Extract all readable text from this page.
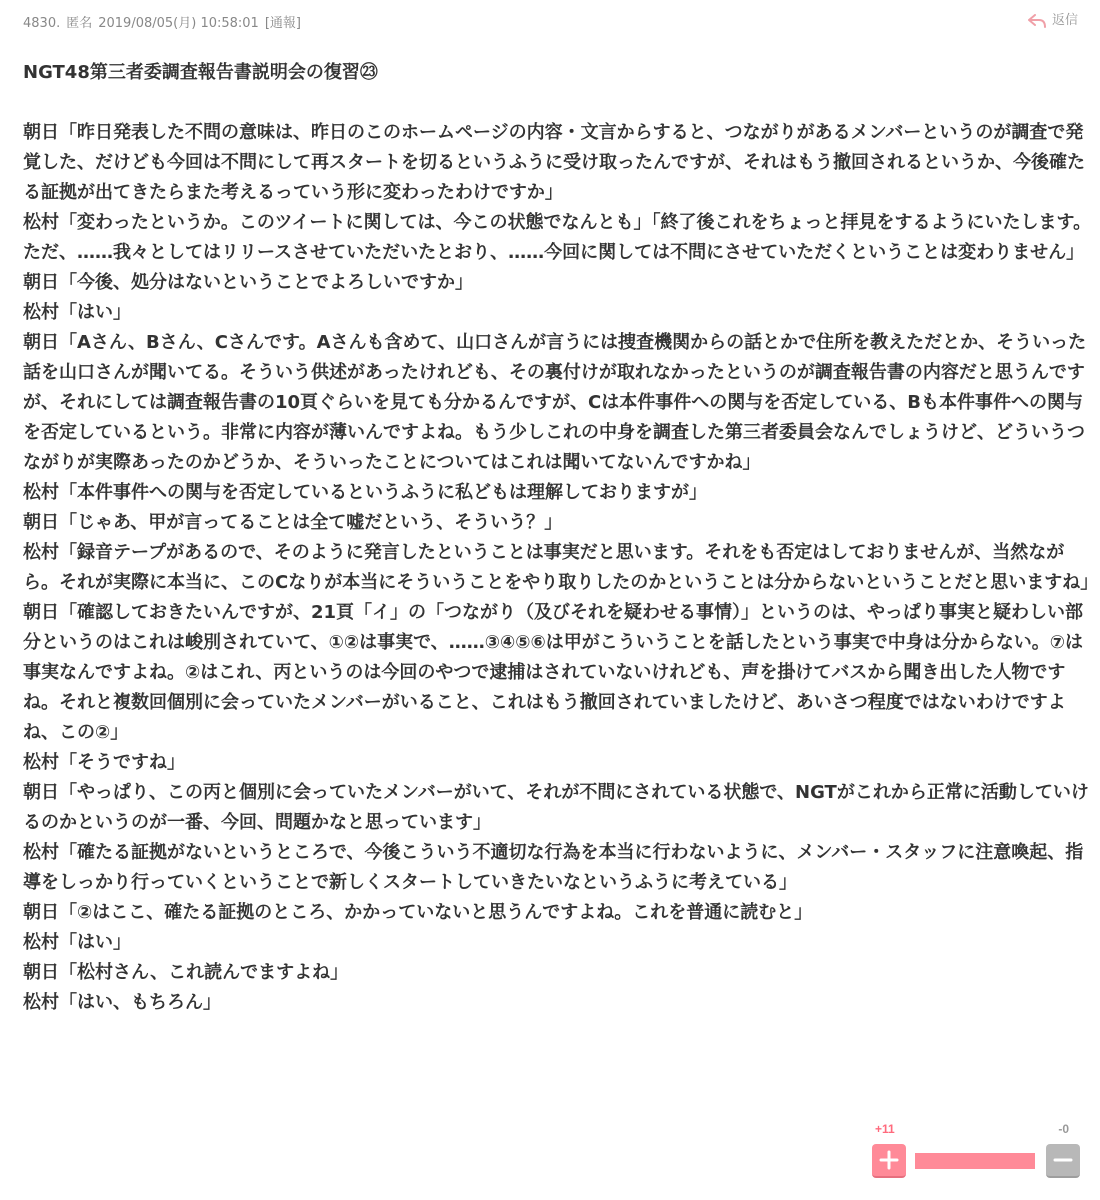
4830. 匿名 2019/08/05(月) 10:58:01 [通報]	返信

NGT48第三者委調査報告書説明会の復習㉓

朝日「昨日発表した不問の意味は、昨日のこのホームページの内容・文言からすると、つながりがあるメンバーというのが調査で発覚した、だけども今回は不問にして再スタートを切るというふうに受け取ったんですが、それはもう撤回されるというか、今後確たる証拠が出てきたらまた考えるっていう形に変わったわけですか」

松村「変わったというか。このツイートに関しては、今この状態でなんとも」「終了後これをちょっと拝見をするようにいたします。ただ、……我々としてはリリースさせていただいたとおり、……今回に関しては不問にさせていただくということは変わりません」

朝日「今後、処分はないということでよろしいですか」

松村「はい」

朝日「Aさん、Bさん、Cさんです。Aさんも含めて、山口さんが言うには捜査機関からの話とかで住所を教えただとか、そういった話を山口さんが聞いてる。そういう供述があったけれども、その裏付けが取れなかったというのが調査報告書の内容だと思うんですが、それにしては調査報告書の10頁ぐらいを見ても分かるんですが、Cは本件事件への関与を否定している、Bも本件事件への関与を否定しているという。非常に内容が薄いんですよね。もう少しこれの中身を調査した第三者委員会なんでしょうけど、どういうつながりが実際あったのかどうか、そういったことについてはこれは聞いてないんですかね」

松村「本件事件への関与を否定しているというふうに私どもは理解しておりますが」

朝日「じゃあ、甲が言ってることは全て嘘だという、そういう？」

松村「録音テープがあるので、そのように発言したということは事実だと思います。それをも否定はしておりませんが、当然ながら。それが実際に本当に、このCなりが本当にそういうことをやり取りしたのかということは分からないということだと思いますね」

朝日「確認しておきたいんですが、21頁「イ」の「つながり（及びそれを疑わせる事情）」というのは、やっぱり事実と疑わしい部分というのはこれは峻別されていて、①②は事実で、……③④⑤⑥は甲がこういうことを話したという事実で中身は分からない。⑦は事実なんですよね。②はこれ、丙というのは今回のやつで逮捕はされていないけれども、声を掛けてバスから聞き出した人物ですね。それと複数回個別に会っていたメンバーがいること、これはもう撤回されていましたけど、あいさつ程度ではないわけですよね、この②」

松村「そうですね」

朝日「やっぱり、この丙と個別に会っていたメンバーがいて、それが不問にされている状態で、NGTがこれから正常に活動していけるのかというのが一番、今回、問題かなと思っています」

松村「確たる証拠がないというところで、今後こういう不適切な行為を本当に行わないように、メンバー・スタッフに注意喚起、指導をしっかり行っていくということで新しくスタートしていきたいなというふうに考えている」

朝日「②はここ、確たる証拠のところ、かかっていないと思うんですよね。これを普通に読むと」

松村「はい」

朝日「松村さん、これ読んでますよね」

松村「はい、もちろん」

+11	-0
